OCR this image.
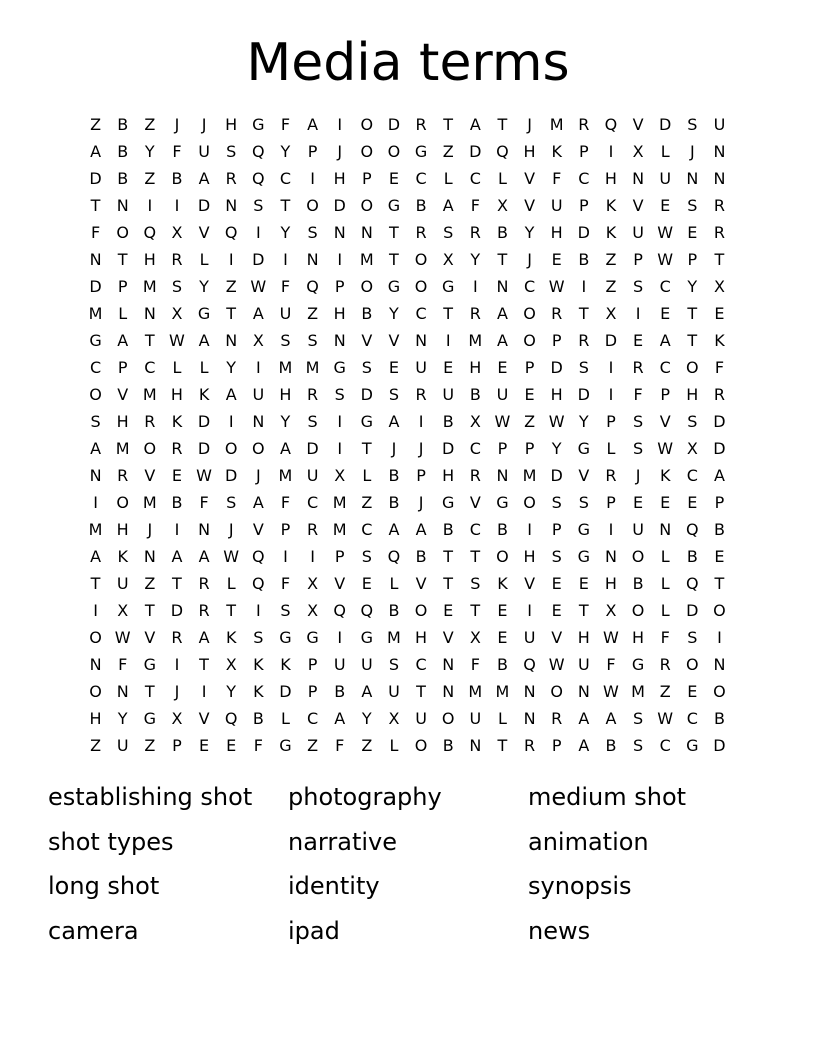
Media terms
Z	B	Z	J	J	H G	F	A	I	O D R	T	A	T	J	M R Q V D S	U
A	B	Y	F	U	S Q Y	P	J	O O G Z D Q H K	P	I	X	L	J	N
D B	Z	B	A	R Q C	I	H	P	E	C	L	C	L	V	F	C H N U N N
T	N	I	I	D N	S	T O D O G B	A	F	X	V U	P	K	V	E	S	R
F	O Q X	V Q	I	Y	S	N N	T	R	S	R	B	Y	H D K	U W E	R
N	T	H R	L	I	D	I	N	I	M T O X	Y	T	J	E	B	Z	P W P	T
D	P M S	Y	Z W F	Q	P	O G O G	I	N C W	I	Z	S	C	Y	X
M L	N X G	T	A U Z H B	Y	C	T	R	A O R	T	X	I	E	T	E
G A	T W A N X	S	S	N V	V N	I	M A O	P	R D E	A	T	K
C	P	C	L	L	Y	I	M M G S	E	U	E	H	E	P	D S	I	R C O	F
O V M H K	A U H R	S D S	R U B U	E	H D	I	F	P	H R
S	H R	K D	I	N	Y	S	I	G A	I	B	X W Z W Y	P	S	V	S D
A M O R D O O A D	I	T	J	J	D C	P	P	Y	G	L	S W X D
N R	V	E W D	J	M U X	L	B	P	H R N M D V	R	J	K	C	A
I	O M B	F	S	A	F	C M Z	B	J	G V G O S	S	P	E	E	E	P
M H	J	I	N	J	V	P	R M C	A	A	B	C	B	I	P	G	I	U N Q B
A	K N A	A W Q	I	I	P	S Q B	T	T O H	S G N O	L	B	E
T	U Z	T	R	L	Q	F	X	V	E	L	V	T	S	K	V	E	E	H B	L	Q T
I	X	T	D R	T	I	S	X Q Q B O E	T	E	I	E	T	X O	L	D O
O W V	R	A	K	S G G	I	G M H V	X	E	U V H W H	F	S	I
N	F	G	I	T	X	K	K	P	U U	S	C N	F	B Q W U	F	G R O N
O N	T	J	I	Y	K D	P	B	A U	T	N M M N O N W M Z	E O
H	Y	G X	V Q B	L	C	A	Y	X U O U	L	N R	A	A	S W C	B
Z U Z	P	E	E	F	G Z	F	Z	L	O B N	T	R	P	A	B	S	C G D
establishing shot	photography	medium shot
shot types	narrative	animation
long shot	identity	synopsis
camera	ipad	news
